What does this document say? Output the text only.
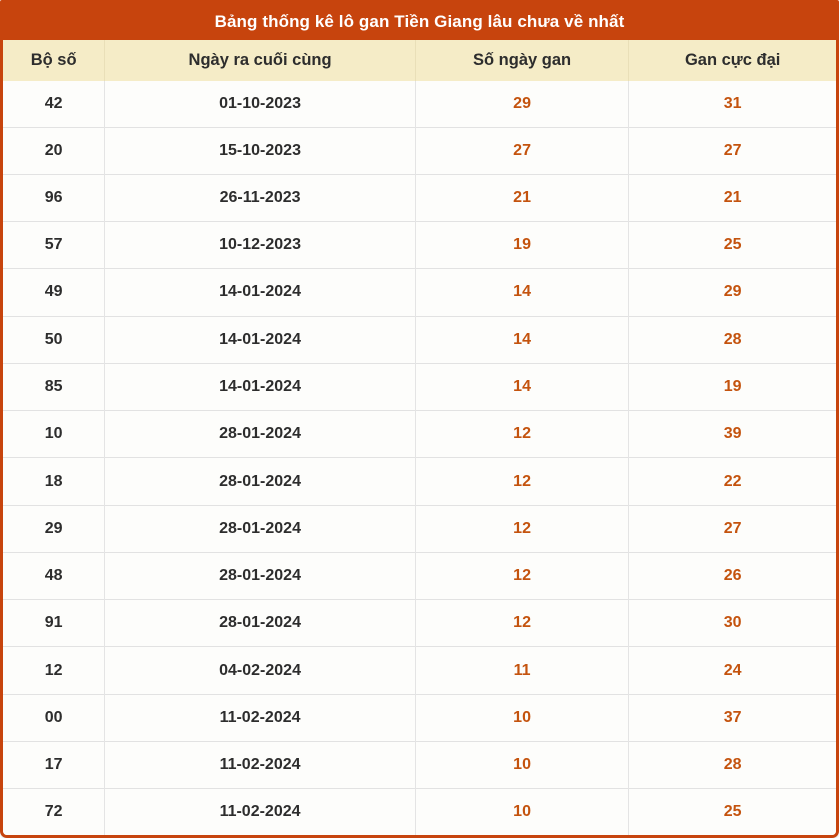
Bảng thống kê lô gan Tiền Giang lâu chưa về nhất
Bộ số	Ngày ra cuối cùng	Số ngày gan	Gan cực đại
42	01-10-2023	29	31
20	15-10-2023	27	27
96	26-11-2023	21	21
57	10-12-2023	19	25
49	14-01-2024	14	29
50	14-01-2024	14	28
85	14-01-2024	14	19
10	28-01-2024	12	39
18	28-01-2024	12	22
29	28-01-2024	12	27
48	28-01-2024	12	26
91	28-01-2024	12	30
12	04-02-2024	11	24
00	11-02-2024	10	37
17	11-02-2024	10	28
72	11-02-2024	10	25
